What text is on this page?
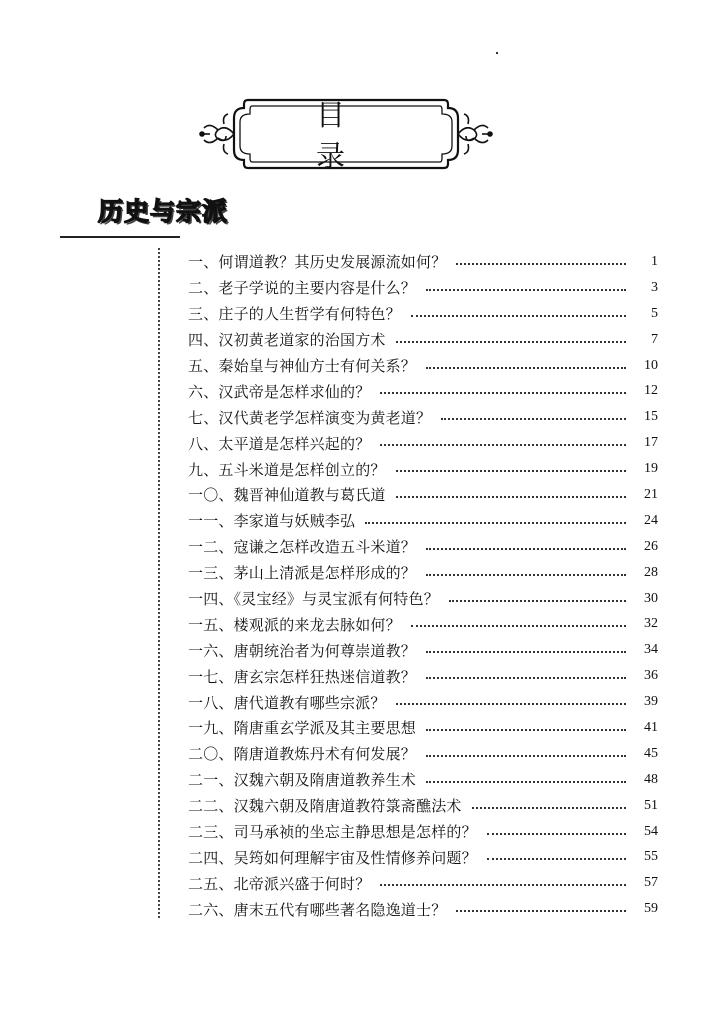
目 录
历史与宗派
一、何谓道教？其历史发展源流如何？	1
二、老子学说的主要内容是什么？	3
三、庄子的人生哲学有何特色？	5
四、汉初黄老道家的治国方术	7
五、秦始皇与神仙方士有何关系？	10
六、汉武帝是怎样求仙的？	12
七、汉代黄老学怎样演变为黄老道？	15
八、太平道是怎样兴起的？	17
九、五斗米道是怎样创立的？	19
一〇、魏晋神仙道教与葛氏道	21
一一、李家道与妖贼李弘	24
一二、寇谦之怎样改造五斗米道？	26
一三、茅山上清派是怎样形成的？	28
一四、《灵宝经》与灵宝派有何特色？	30
一五、楼观派的来龙去脉如何？	32
一六、唐朝统治者为何尊崇道教？	34
一七、唐玄宗怎样狂热迷信道教？	36
一八、唐代道教有哪些宗派？	39
一九、隋唐重玄学派及其主要思想	41
二〇、隋唐道教炼丹术有何发展？	45
二一、汉魏六朝及隋唐道教养生术	48
二二、汉魏六朝及隋唐道教符箓斋醮法术	51
二三、司马承祯的坐忘主静思想是怎样的？	54
二四、吴筠如何理解宇宙及性情修养问题？	55
二五、北帝派兴盛于何时？	57
二六、唐末五代有哪些著名隐逸道士？	59
